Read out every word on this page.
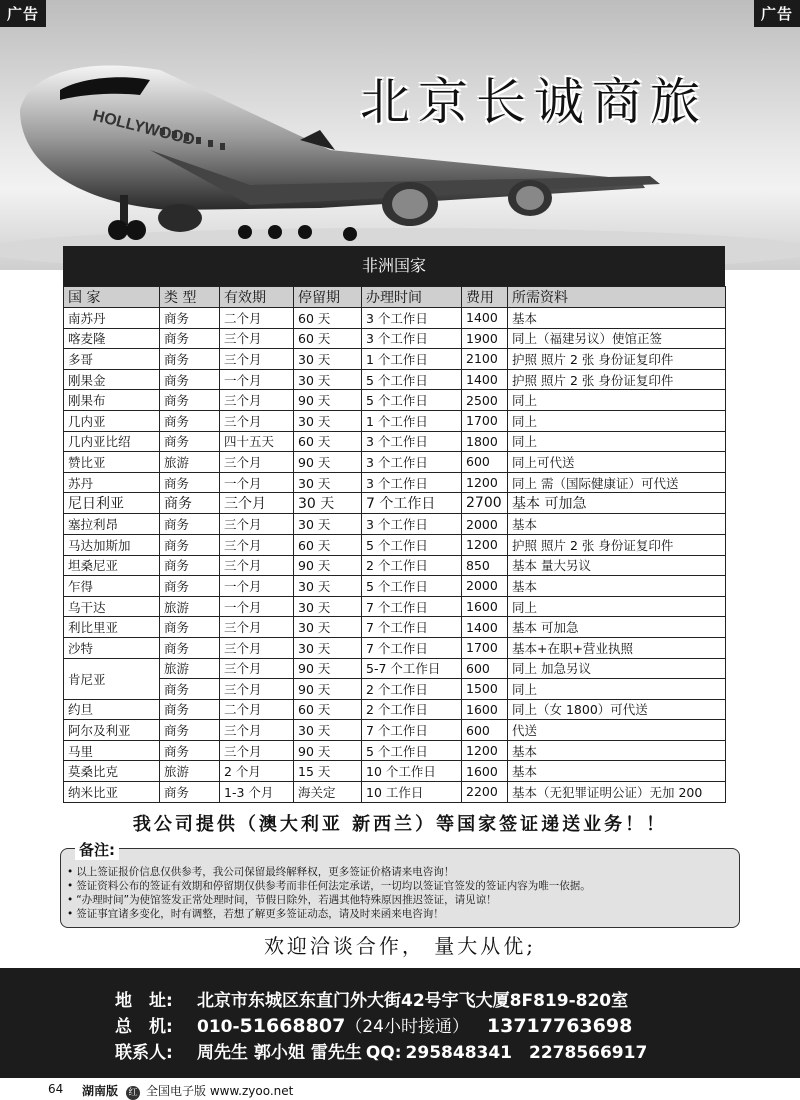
HOLLYWOOD
广告	广告
北京长诚商旅
非洲国家
国 家	类 型	有效期	停留期	办理时间	费用	所需资料
南苏丹	商务	二个月	60 天	3 个工作日	1400	基本
喀麦隆	商务	三个月	60 天	3 个工作日	1900	同上（福建另议）使馆正签
多哥	商务	三个月	30 天	1 个工作日	2100	护照 照片 2 张 身份证复印件
刚果金	商务	一个月	30 天	5 个工作日	1400	护照 照片 2 张 身份证复印件
刚果布	商务	三个月	90 天	5 个工作日	2500	同上
几内亚	商务	三个月	30 天	1 个工作日	1700	同上
几内亚比绍	商务	四十五天	60 天	3 个工作日	1800	同上
赞比亚	旅游	三个月	90 天	3 个工作日	600	同上可代送
苏丹	商务	一个月	30 天	3 个工作日	1200	同上 需（国际健康证）可代送
尼日利亚	商务	三个月	30 天	7 个工作日	2700	基本 可加急
塞拉利昂	商务	三个月	30 天	3 个工作日	2000	基本
马达加斯加	商务	三个月	60 天	5 个工作日	1200	护照 照片 2 张 身份证复印件
坦桑尼亚	商务	三个月	90 天	2 个工作日	850	基本 量大另议
乍得	商务	一个月	30 天	5 个工作日	2000	基本
乌干达	旅游	一个月	30 天	7 个工作日	1600	同上
利比里亚	商务	三个月	30 天	7 个工作日	1400	基本 可加急
沙特	商务	三个月	30 天	7 个工作日	1700	基本+在职+营业执照
肯尼亚	旅游	三个月	90 天	5-7 个工作日	600	同上 加急另议
	商务	三个月	90 天	2 个工作日	1500	同上
约旦	商务	二个月	60 天	2 个工作日	1600	同上（女 1800）可代送
阿尔及利亚	商务	三个月	30 天	7 个工作日	600	代送
马里	商务	三个月	90 天	5 个工作日	1200	基本
莫桑比克	旅游	2 个月	15 天	10 个工作日	1600	基本
纳米比亚	商务	1-3 个月	海关定	10 工作日	2200	基本（无犯罪证明公证）无加 200
我公司提供（澳大利亚 新西兰）等国家签证递送业务！！
备注:
• 以上签证报价信息仅供参考，我公司保留最终解释权，更多签证价格请来电咨询！
• 签证资料公布的签证有效期和停留期仅供参考而非任何法定承诺，一切均以签证官签发的签证内容为唯一依据。
• “办理时间”为使馆签发正常处理时间，节假日除外，若遇其他特殊原因推迟签证，请见谅！
• 签证事宜诸多变化，时有调整，若想了解更多签证动态，请及时来函来电咨询！
欢迎洽谈合作， 量大从优;
地　址: 北京市东城区东直门外大街42号宇飞大厦8F819-820室
总　机: 010-51668807（24小时接通） 13717763698
联系人: 周先生 郭小姐 雷先生 QQ: 295848341　2278566917
64 湖南版 红 全国电子版 www.zyoo.net
